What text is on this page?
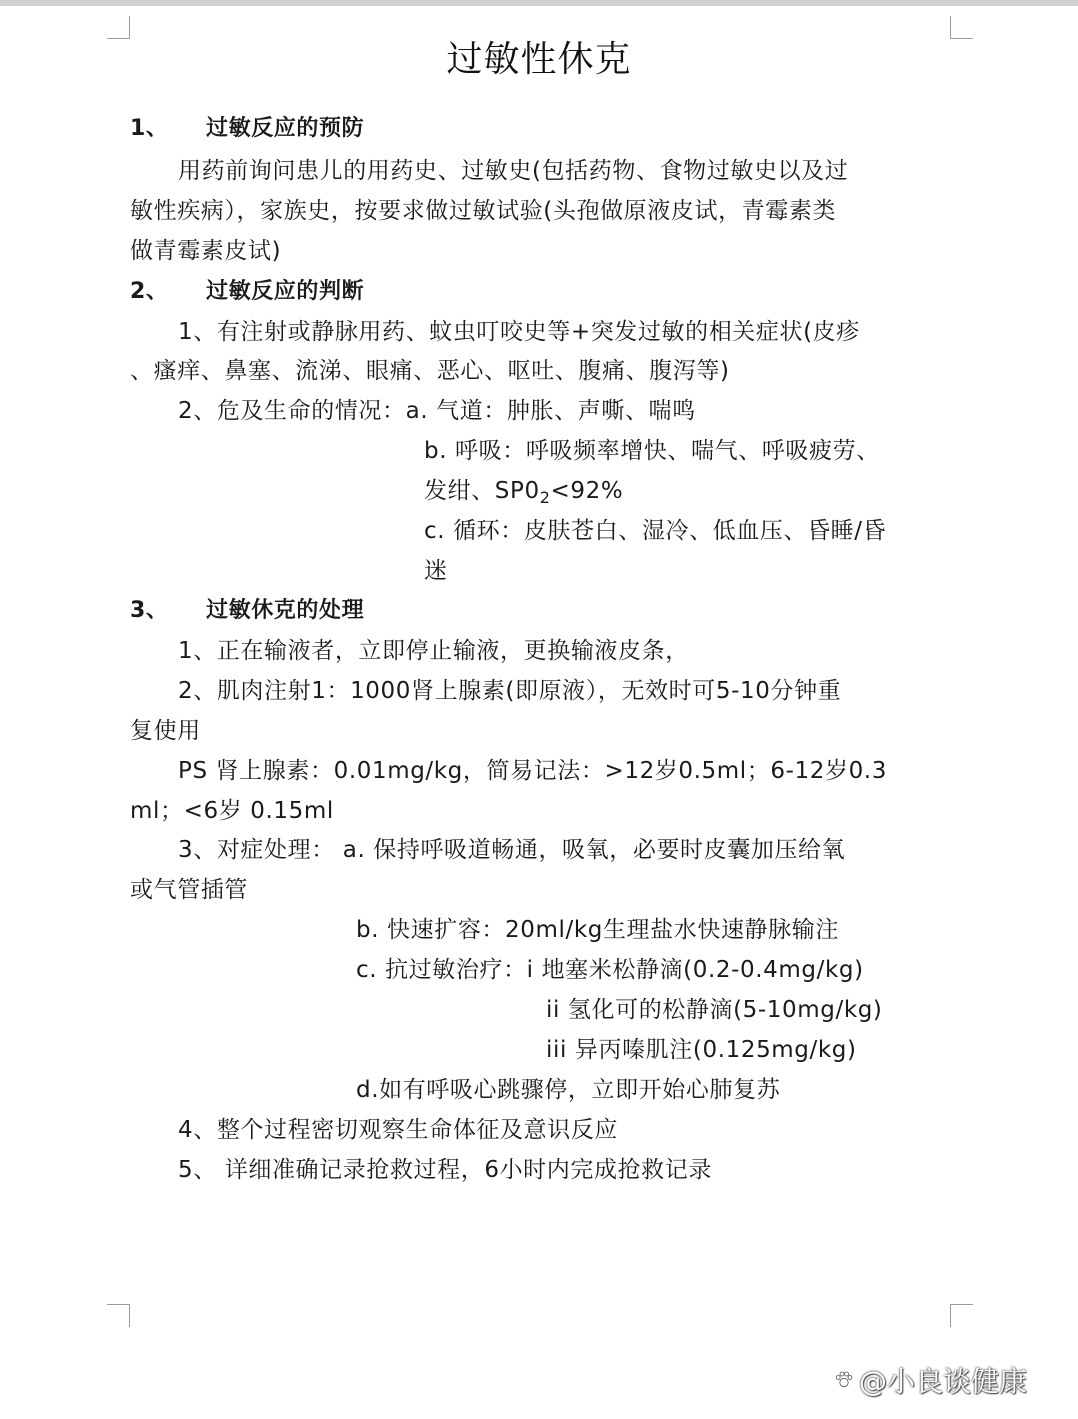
过敏性休克
1、 过敏反应的预防
用药前询问患儿的用药史、过敏史(包括药物、食物过敏史以及过
敏性疾病），家族史，按要求做过敏试验(头孢做原液皮试，青霉素类
做青霉素皮试)
2、 过敏反应的判断
1、有注射或静脉用药、蚊虫叮咬史等+突发过敏的相关症状(皮疹
、瘙痒、鼻塞、流涕、眼痛、恶心、呕吐、腹痛、腹泻等)
2、危及生命的情况：a. 气道：肿胀、声嘶、喘鸣
b. 呼吸：呼吸频率增快、喘气、呼吸疲劳、
发绀、$SP0_2<92\%$
c. 循环：皮肤苍白、湿冷、低血压、昏睡/昏
迷
3、 过敏休克的处理
1、正在输液者，立即停止输液，更换输液皮条，
2、肌肉注射1：1000肾上腺素(即原液），无效时可5-10分钟重
复使用
PS 肾上腺素：0.01mg/kg，简易记法：>12岁0.5ml；6-12岁0.3
ml；<6岁 0.15ml
3、对症处理： a. 保持呼吸道畅通，吸氧，必要时皮囊加压给氧
或气管插管
b. 快速扩容：20ml/kg生理盐水快速静脉输注
c. 抗过敏治疗：i 地塞米松静滴(0.2-0.4mg/kg)
ii 氢化可的松静滴(5-10mg/kg)
iii 异丙嗪肌注(0.125mg/kg)
d.如有呼吸心跳骤停，立即开始心肺复苏
4、整个过程密切观察生命体征及意识反应
5、 详细准确记录抢救过程，6小时内完成抢救记录
@小良谈健康
